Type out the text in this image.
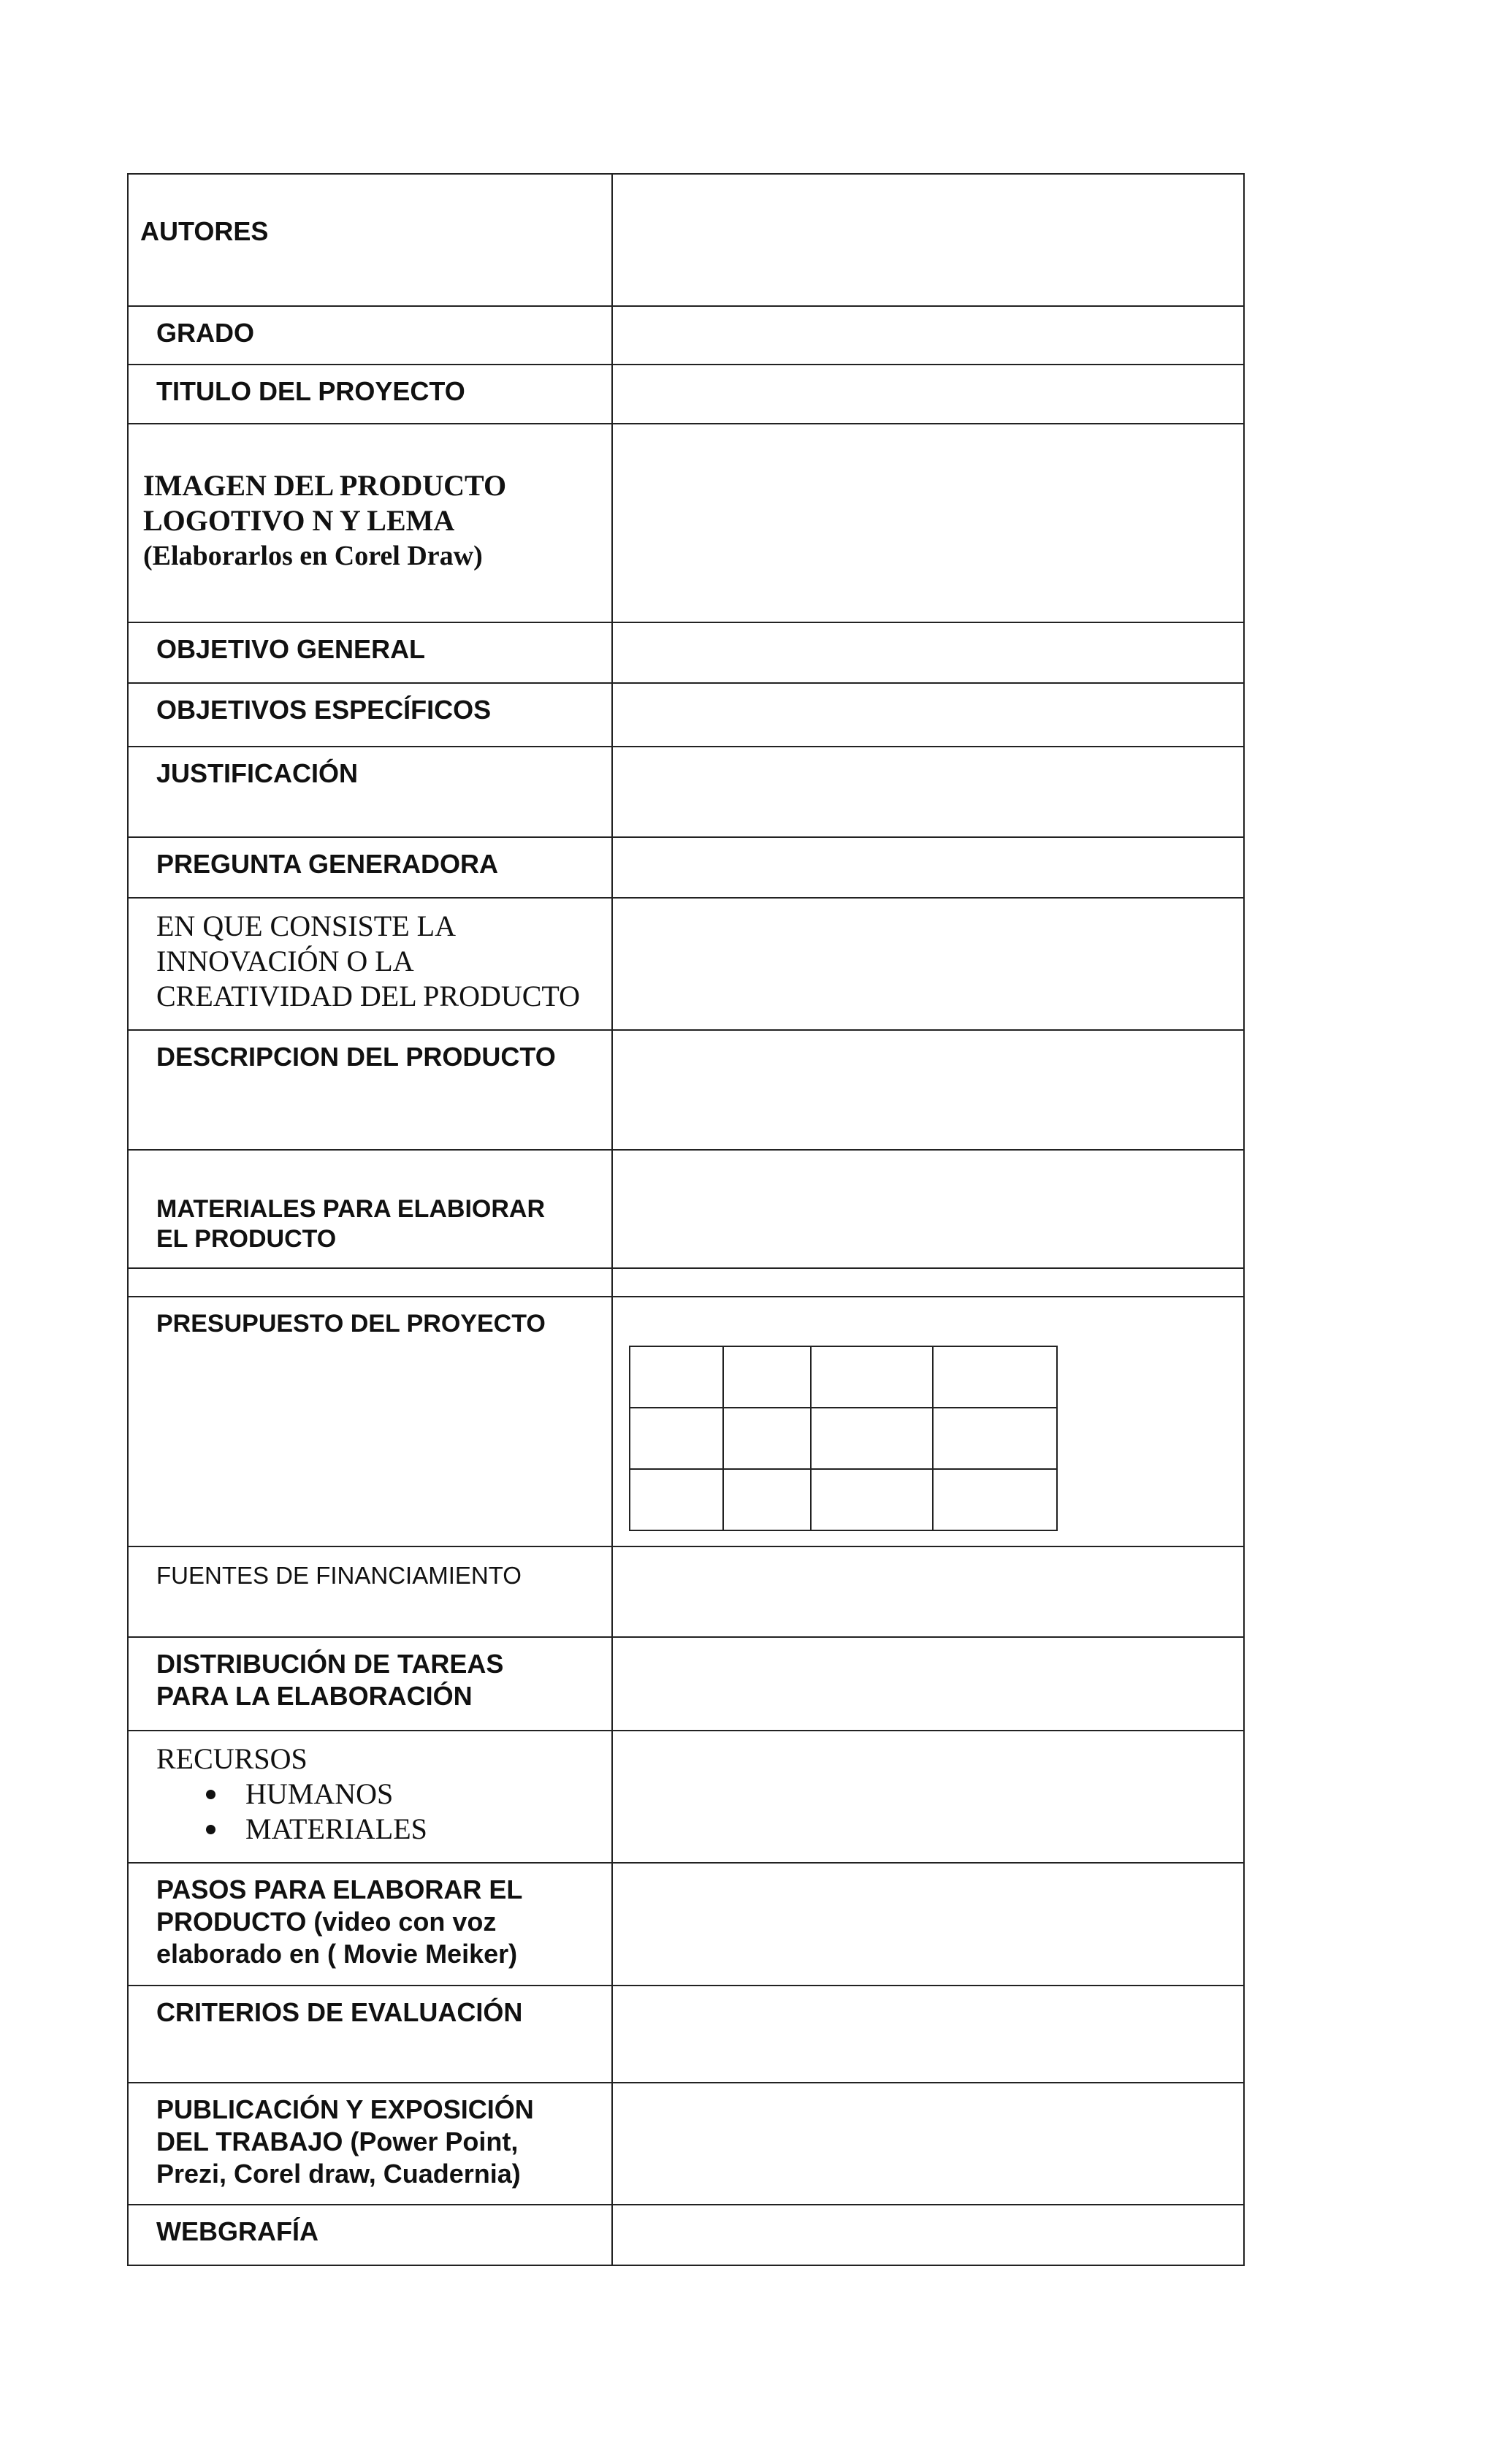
AUTORES

GRADO

TITULO DEL PROYECTO

IMAGEN DEL PRODUCTO
LOGOTIVO N Y LEMA
(Elaborarlos en Corel Draw)

OBJETIVO GENERAL

OBJETIVOS ESPECÍFICOS

JUSTIFICACIÓN

PREGUNTA GENERADORA

EN QUE CONSISTE LA
INNOVACIÓN O LA
CREATIVIDAD DEL PRODUCTO

DESCRIPCION DEL PRODUCTO

MATERIALES PARA ELABIORAR
EL PRODUCTO

PRESUPUESTO DEL PROYECTO

FUENTES DE FINANCIAMIENTO

DISTRIBUCIÓN DE TAREAS
PARA LA ELABORACIÓN

RECURSOS
HUMANOS
MATERIALES

PASOS PARA ELABORAR EL
PRODUCTO (video con voz
elaborado en ( Movie Meiker)

CRITERIOS DE EVALUACIÓN

PUBLICACIÓN Y EXPOSICIÓN
DEL TRABAJO (Power Point,
Prezi, Corel draw, Cuadernia)

WEBGRAFÍA
